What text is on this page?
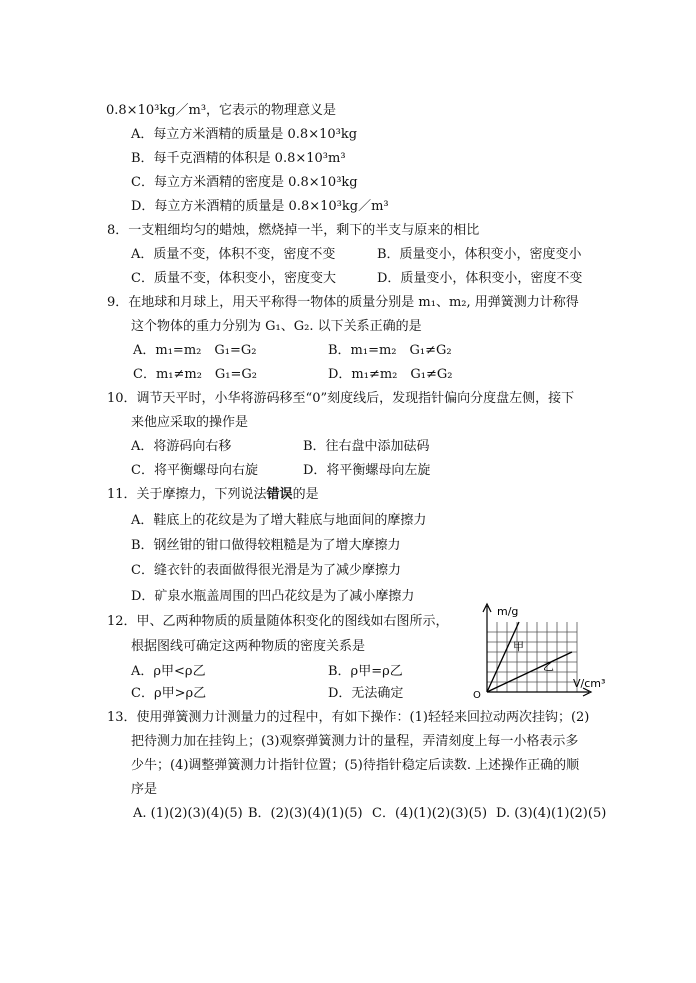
0.8×10³kg／m³，它表示的物理意义是
A．每立方米酒精的质量是 0.8×10³kg
B．每千克酒精的体积是 0.8×10³m³
C．每立方米酒精的密度是 0.8×10³kg
D．每立方米酒精的质量是 0.8×10³kg／m³
8．一支粗细均匀的蜡烛，燃烧掉一半，剩下的半支与原来的相比
A．质量不变，体积不变，密度不变	B．质量变小，体积变小，密度变小
C．质量不变，体积变小，密度变大	D．质量变小，体积变小，密度不变
9．在地球和月球上，用天平称得一物体的质量分别是 m₁、m₂, 用弹簧测力计称得
这个物体的重力分别为 G₁、G₂. 以下关系正确的是
A．m₁=m₂　G₁=G₂	B．m₁=m₂　G₁≠G₂
C．m₁≠m₂　G₁=G₂	D．m₁≠m₂　G₁≠G₂
10．调节天平时，小华将游码移至“0”刻度线后，发现指针偏向分度盘左侧，接下
来他应采取的操作是
A．将游码向右移	B．往右盘中添加砝码
C．将平衡螺母向右旋	D．将平衡螺母向左旋
11．关于摩擦力，下列说法错误的是
A．鞋底上的花纹是为了增大鞋底与地面间的摩擦力
B．钢丝钳的钳口做得较粗糙是为了增大摩擦力
C．缝衣针的表面做得很光滑是为了减少摩擦力
D．矿泉水瓶盖周围的凹凸花纹是为了减小摩擦力
12．甲、乙两种物质的质量随体积变化的图线如右图所示，
根据图线可确定这两种物质的密度关系是
A．ρ甲<ρ乙	B．ρ甲=ρ乙
C．ρ甲>ρ乙	D．无法确定
m/g
甲
乙
V/cm³
O
13．使用弹簧测力计测量力的过程中，有如下操作：(1)轻轻来回拉动两次挂钩；(2)
把待测力加在挂钩上；(3)观察弹簧测力计的量程，弄清刻度上每一小格表示多
少牛；(4)调整弹簧测力计指针位置；(5)待指针稳定后读数. 上述操作正确的顺
序是
A. (1)(2)(3)(4)(5) B．(2)(3)(4)(1)(5) C．(4)(1)(2)(3)(5) D. (3)(4)(1)(2)(5)
